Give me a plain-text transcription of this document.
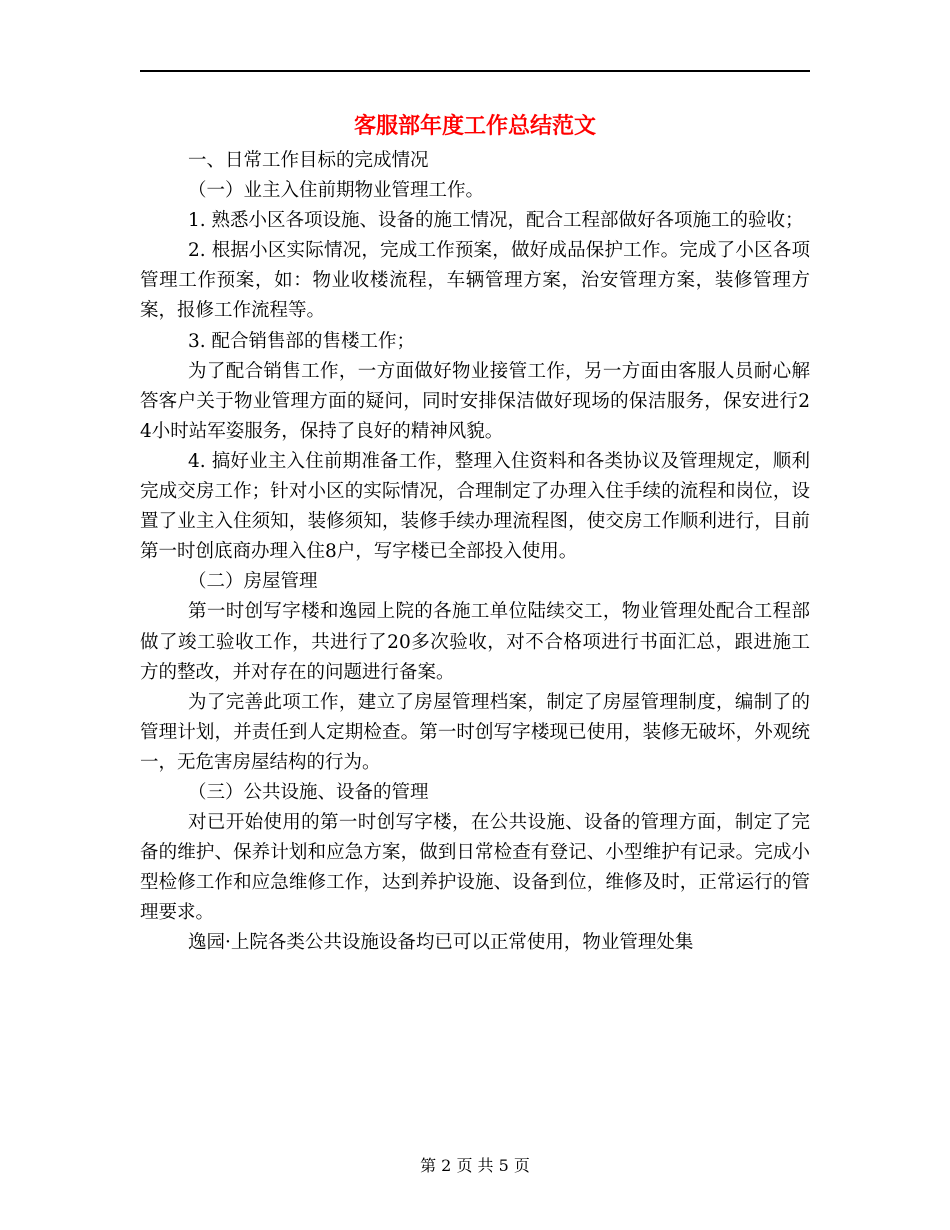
客服部年度工作总结范文

一、日常工作目标的完成情况

（一）业主入住前期物业管理工作。

1. 熟悉小区各项设施、设备的施工情况，配合工程部做好各项施工的验收；

2. 根据小区实际情况，完成工作预案，做好成品保护工作。完成了小区各项管理工作预案，如：物业收楼流程，车辆管理方案，治安管理方案，装修管理方案，报修工作流程等。

3. 配合销售部的售楼工作；

为了配合销售工作，一方面做好物业接管工作，另一方面由客服人员耐心解答客户关于物业管理方面的疑问，同时安排保洁做好现场的保洁服务，保安进行24小时站军姿服务，保持了良好的精神风貌。

4. 搞好业主入住前期准备工作，整理入住资料和各类协议及管理规定，顺利完成交房工作；针对小区的实际情况，合理制定了办理入住手续的流程和岗位，设置了业主入住须知，装修须知，装修手续办理流程图，使交房工作顺利进行，目前第一时创底商办理入住8户，写字楼已全部投入使用。

（二）房屋管理

第一时创写字楼和逸园上院的各施工单位陆续交工，物业管理处配合工程部做了竣工验收工作，共进行了20多次验收，对不合格项进行书面汇总，跟进施工方的整改，并对存在的问题进行备案。

为了完善此项工作，建立了房屋管理档案，制定了房屋管理制度，编制了的管理计划，并责任到人定期检查。第一时创写字楼现已使用，装修无破坏，外观统一，无危害房屋结构的行为。

（三）公共设施、设备的管理

对已开始使用的第一时创写字楼，在公共设施、设备的管理方面，制定了完备的维护、保养计划和应急方案，做到日常检查有登记、小型维护有记录。完成小型检修工作和应急维修工作，达到养护设施、设备到位，维修及时，正常运行的管理要求。

逸园·上院各类公共设施设备均已可以正常使用，物业管理处集

第 2 页 共 5 页
